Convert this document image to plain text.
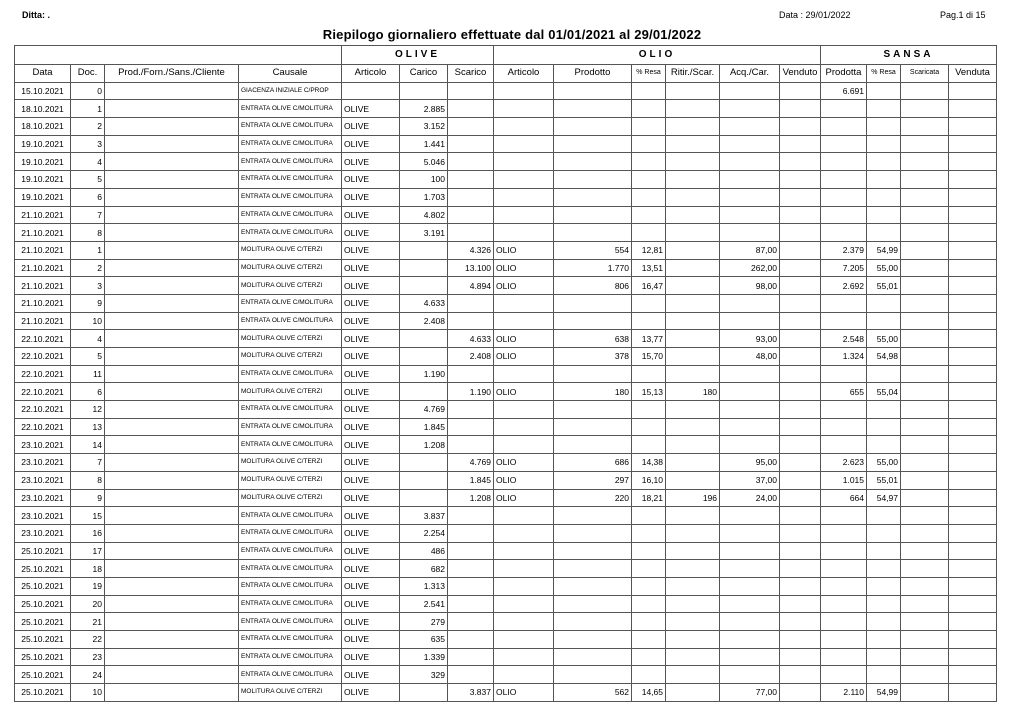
Ditta: .	Data : 29/01/2022	Pag.1 di 15
Riepilogo giornaliero effettuate dal 01/01/2021 al 29/01/2022
				OLIVE			OLIO						SANSA			
Data	Doc.	Prod./Forn./Sans./Cliente	Causale	Articolo	Carico	Scarico	Articolo	Prodotto	% Resa	Ritir./Scar.	Acq./Car.	Venduto	Prodotta	% Resa	Scaricata	Venduta
15.10.2021	0		GIACENZA INIZIALE C/PROP										6.691			
18.10.2021	1		ENTRATA OLIVE C/MOLITURA	OLIVE	2.885											
18.10.2021	2		ENTRATA OLIVE C/MOLITURA	OLIVE	3.152											
19.10.2021	3		ENTRATA OLIVE C/MOLITURA	OLIVE	1.441											
19.10.2021	4		ENTRATA OLIVE C/MOLITURA	OLIVE	5.046											
19.10.2021	5		ENTRATA OLIVE C/MOLITURA	OLIVE	100											
19.10.2021	6		ENTRATA OLIVE C/MOLITURA	OLIVE	1.703											
21.10.2021	7		ENTRATA OLIVE C/MOLITURA	OLIVE	4.802											
21.10.2021	8		ENTRATA OLIVE C/MOLITURA	OLIVE	3.191											
21.10.2021	1		MOLITURA OLIVE C/TERZI	OLIVE		4.326	OLIO	554	12,81		87,00		2.379	54,99		
21.10.2021	2		MOLITURA OLIVE C/TERZI	OLIVE		13.100	OLIO	1.770	13,51		262,00		7.205	55,00		
21.10.2021	3		MOLITURA OLIVE C/TERZI	OLIVE		4.894	OLIO	806	16,47		98,00		2.692	55,01		
21.10.2021	9		ENTRATA OLIVE C/MOLITURA	OLIVE	4.633											
21.10.2021	10		ENTRATA OLIVE C/MOLITURA	OLIVE	2.408											
22.10.2021	4		MOLITURA OLIVE C/TERZI	OLIVE		4.633	OLIO	638	13,77		93,00		2.548	55,00		
22.10.2021	5		MOLITURA OLIVE C/TERZI	OLIVE		2.408	OLIO	378	15,70		48,00		1.324	54,98		
22.10.2021	11		ENTRATA OLIVE C/MOLITURA	OLIVE	1.190											
22.10.2021	6		MOLITURA OLIVE C/TERZI	OLIVE		1.190	OLIO	180	15,13	180			655	55,04		
22.10.2021	12		ENTRATA OLIVE C/MOLITURA	OLIVE	4.769											
22.10.2021	13		ENTRATA OLIVE C/MOLITURA	OLIVE	1.845											
23.10.2021	14		ENTRATA OLIVE C/MOLITURA	OLIVE	1.208											
23.10.2021	7		MOLITURA OLIVE C/TERZI	OLIVE		4.769	OLIO	686	14,38		95,00		2.623	55,00		
23.10.2021	8		MOLITURA OLIVE C/TERZI	OLIVE		1.845	OLIO	297	16,10		37,00		1.015	55,01		
23.10.2021	9		MOLITURA OLIVE C/TERZI	OLIVE		1.208	OLIO	220	18,21	196	24,00		664	54,97		
23.10.2021	15		ENTRATA OLIVE C/MOLITURA	OLIVE	3.837											
23.10.2021	16		ENTRATA OLIVE C/MOLITURA	OLIVE	2.254											
25.10.2021	17		ENTRATA OLIVE C/MOLITURA	OLIVE	486											
25.10.2021	18		ENTRATA OLIVE C/MOLITURA	OLIVE	682											
25.10.2021	19		ENTRATA OLIVE C/MOLITURA	OLIVE	1.313											
25.10.2021	20		ENTRATA OLIVE C/MOLITURA	OLIVE	2.541											
25.10.2021	21		ENTRATA OLIVE C/MOLITURA	OLIVE	279											
25.10.2021	22		ENTRATA OLIVE C/MOLITURA	OLIVE	635											
25.10.2021	23		ENTRATA OLIVE C/MOLITURA	OLIVE	1.339											
25.10.2021	24		ENTRATA OLIVE C/MOLITURA	OLIVE	329											
25.10.2021	10		MOLITURA OLIVE C/TERZI	OLIVE		3.837	OLIO	562	14,65		77,00		2.110	54,99		
